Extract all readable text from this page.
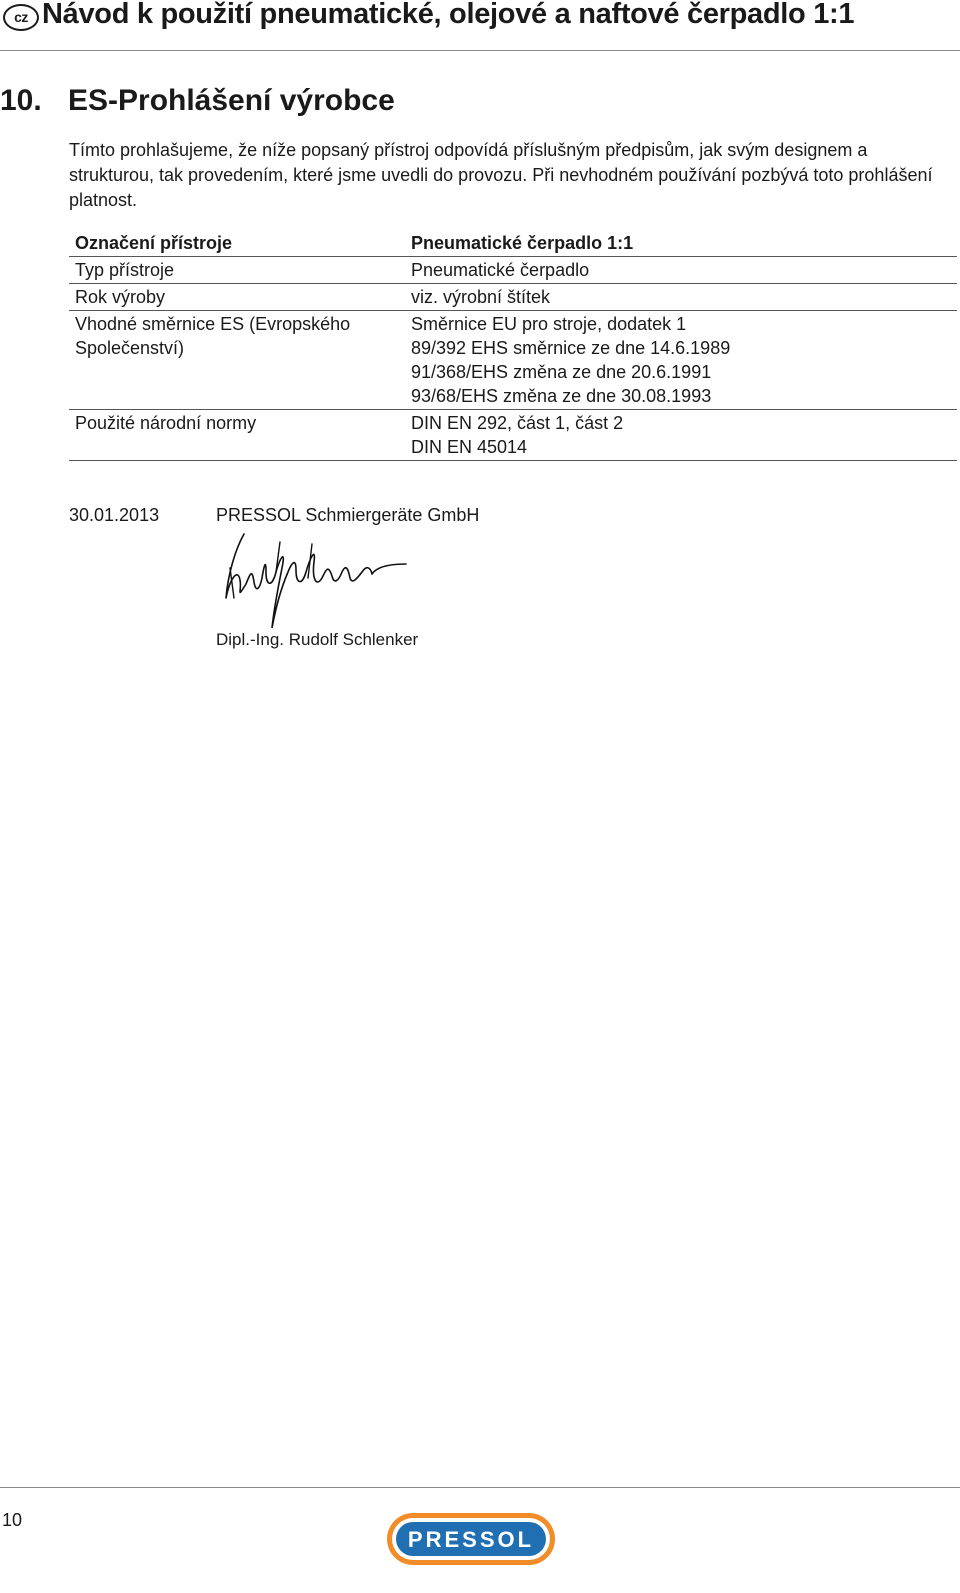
cz Návod k použití pneumatické, olejové a naftové čerpadlo 1:1
10. ES-Prohlášení výrobce

Tímto prohlašujeme, že níže popsaný přístroj odpovídá příslušným předpisům, jak svým designem a strukturou, tak provedením, které jsme uvedli do provozu. Při nevhodném používání pozbývá toto prohlášení platnost.

Označení přístroje	Pneumatické čerpadlo 1:1
Typ přístroje	Pneumatické čerpadlo

Rok výroby	viz. výrobní štítek

Vhodné směrnice ES (Evropského Společenství)	Směrnice EU pro stroje, dodatek 1
89/392 EHS směrnice ze dne 14.6.1989
91/368/EHS změna ze dne 20.6.1991
93/68/EHS změna ze dne 30.08.1993

Použité národní normy	DIN EN 292, část 1, část 2
DIN EN 45014
30.01.2013	PRESSOL Schmiergeräte GmbH
Dipl.-Ing. Rudolf Schlenker
10
PRESSOL
